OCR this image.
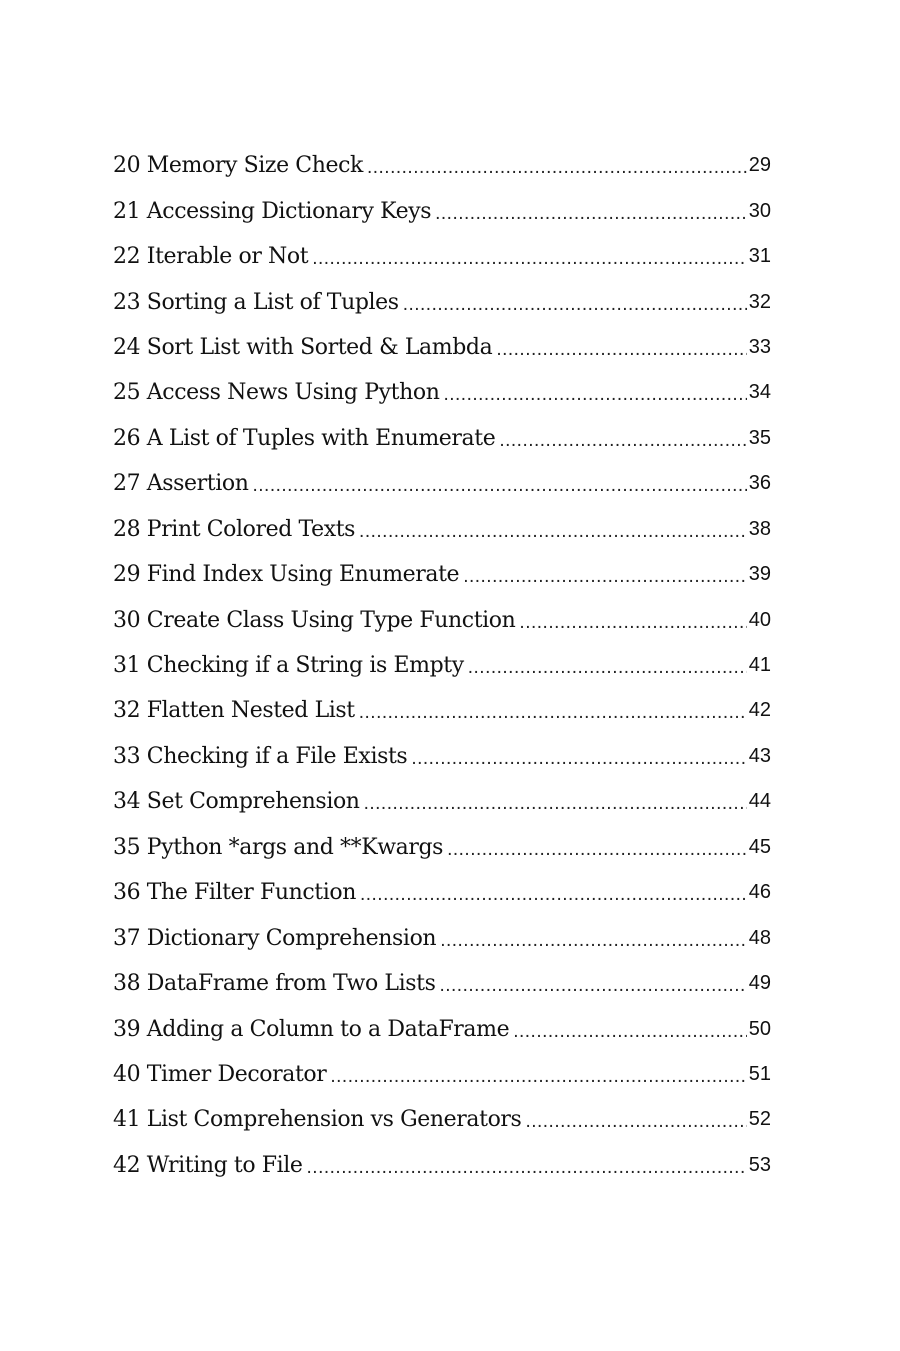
20 Memory Size Check .....	29
21 Accessing Dictionary Keys .....	30
22 Iterable or Not .....	31
23 Sorting a List of Tuples .....	32
24 Sort List with Sorted & Lambda .....	33
25 Access News Using Python .....	34
26 A List of Tuples with Enumerate .....	35
27 Assertion .....	36
28 Print Colored Texts .....	38
29 Find Index Using Enumerate .....	39
30 Create Class Using Type Function .....	40
31 Checking if a String is Empty .....	41
32 Flatten Nested List .....	42
33 Checking if a File Exists .....	43
34 Set Comprehension .....	44
35 Python *args and **Kwargs .....	45
36 The Filter Function .....	46
37 Dictionary Comprehension .....	48
38 DataFrame from Two Lists .....	49
39 Adding a Column to a DataFrame .....	50
40 Timer Decorator .....	51
41 List Comprehension vs Generators .....	52
42 Writing to File .....	53
